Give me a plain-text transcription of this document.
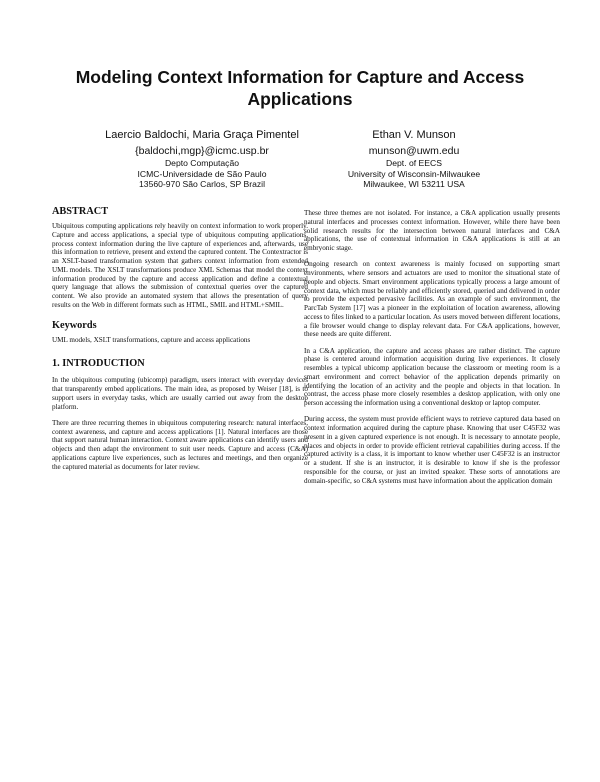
Modeling Context Information for Capture and Access Applications
Laercio Baldochi, Maria Graça Pimentel
{baldochi,mgp}@icmc.usp.br
Depto Computação
ICMC-Universidade de São Paulo
13560-970 São Carlos, SP Brazil
Ethan V. Munson
munson@uwm.edu
Dept. of EECS
University of Wisconsin-Milwaukee
Milwaukee, WI 53211 USA
ABSTRACT

Ubiquitous computing applications rely heavily on context information to work properly. Capture and access applications, a special type of ubiquitous computing applications, process context information during the live capture of experiences and, afterwards, use this information to retrieve, present and extend the captured content. The Contextractor is an XSLT-based transformation system that gathers context information from extended UML models. The XSLT transformations produce XML Schemas that model the context information produced by the capture and access application and define a contextual query language that allows the submission of contextual queries over the captured content. We also provide an automated system that allows the presentation of query results on the Web in different formats such as HTML, SMIL and HTML+SMIL.

Keywords

UML models, XSLT transformations, capture and access applications

1. INTRODUCTION

In the ubiquitous computing (ubicomp) paradigm, users interact with everyday devices that transparently embed applications. The main idea, as proposed by Weiser [18], is to support users in everyday tasks, which are usually carried out away from the desktop platform.

There are three recurring themes in ubiquitous computering research: natural interfaces, context awareness, and capture and access applications [1]. Natural interfaces are those that support natural human interaction. Context aware applications can identify users and objects and then adapt the environment to suit user needs. Capture and access (C&A) applications capture live experiences, such as lectures and meetings, and then organize the captured material as documents for later review.

These three themes are not isolated. For instance, a C&A application usually presents natural interfaces and processes context information. However, while there have been solid research results for the intersection between natural interfaces and C&A applications, the use of contextual information in C&A applications is still at an embryonic stage.

Ongoing research on context awareness is mainly focused on supporting smart environments, where sensors and actuators are used to monitor the situational state of people and objects. Smart environment applications typically process a large amount of context data, which must be reliably and efficiently stored, queried and delivered in order to provide the expected pervasive facilities. As an example of such environment, the ParcTab System [17] was a pioneer in the exploitation of location awareness, allowing access to files linked to a particular location. As users moved between different locations, a file browser would change to display relevant data. For C&A applications, however, these needs are quite different.

In a C&A application, the capture and access phases are rather distinct. The capture phase is centered around information acquisition during live experiences. It closely resembles a typical ubicomp application because the classroom or meeting room is a smart environment and correct behavior of the application depends primarily on identifying the location of an activity and the people and objects in that location. In contrast, the access phase more closely resembles a desktop application, with only one person accessing the information using a conventional desktop or laptop computer.

During access, the system must provide efficient ways to retrieve captured data based on context information acquired during the capture phase. Knowing that user C45F32 was present in a given captured experience is not enough. It is necessary to annotate people, places and objects in order to provide efficient retrieval capabilities during access. If the captured activity is a class, it is important to know whether user C45F32 is an instructor or a student. If she is an instructor, it is desirable to know if she is the professor responsible for the course, or just an invited speaker. These sorts of annotations are domain-specific, so C&A systems must have information about the application domain
